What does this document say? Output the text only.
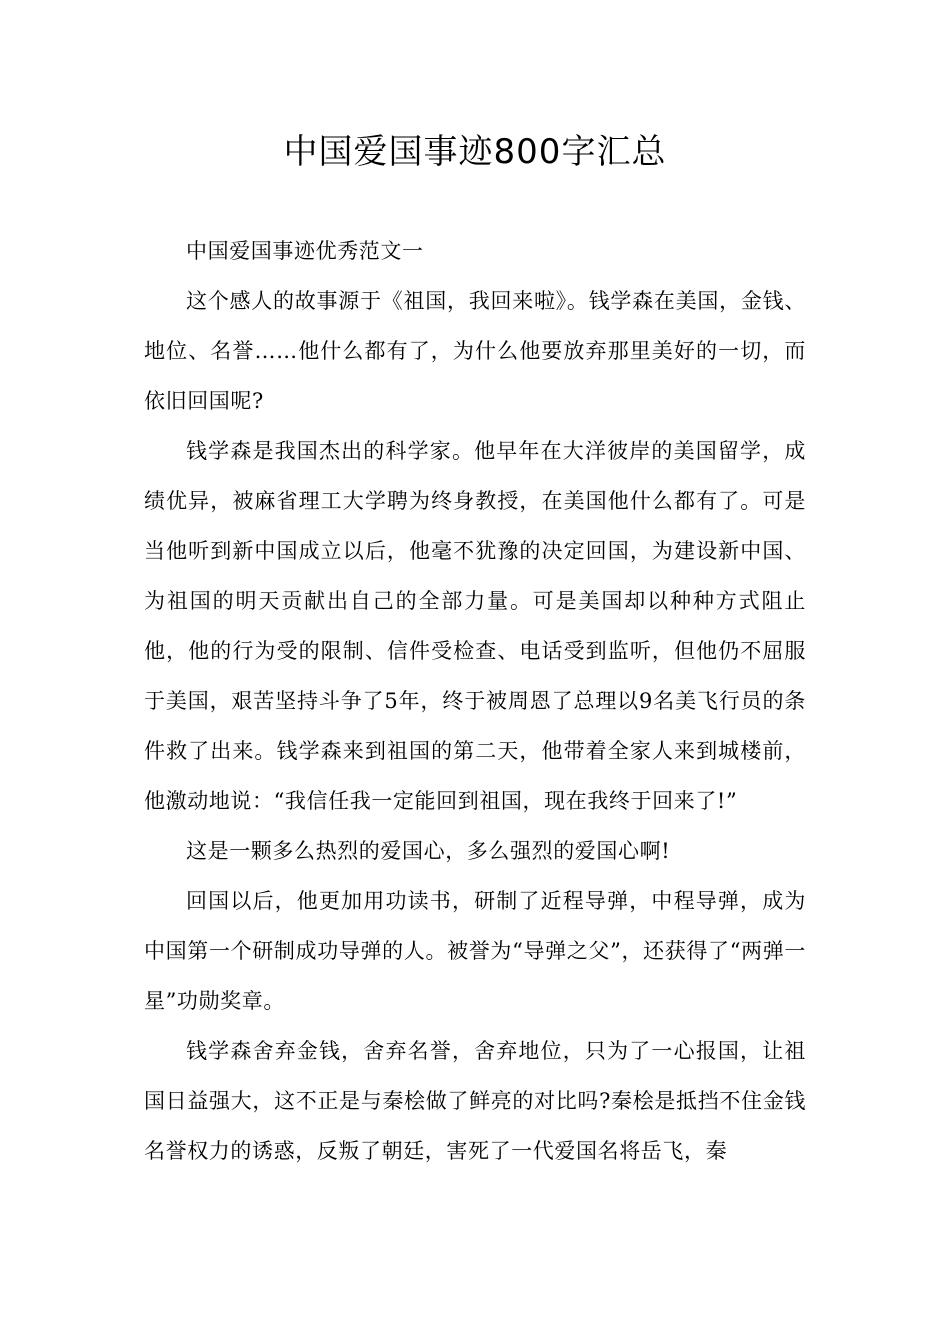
中国爱国事迹800字汇总

中国爱国事迹优秀范文一

这个感人的故事源于《祖国，我回来啦》。钱学森在美国，金钱、地位、名誉……他什么都有了，为什么他要放弃那里美好的一切，而依旧回国呢?

钱学森是我国杰出的科学家。他早年在大洋彼岸的美国留学，成绩优异，被麻省理工大学聘为终身教授，在美国他什么都有了。可是当他听到新中国成立以后，他毫不犹豫的决定回国，为建设新中国、为祖国的明天贡献出自己的全部力量。可是美国却以种种方式阻止他，他的行为受的限制、信件受检查、电话受到监听，但他仍不屈服于美国，艰苦坚持斗争了5年，终于被周恩了总理以9名美飞行员的条件救了出来。钱学森来到祖国的第二天，他带着全家人来到城楼前，他激动地说：“我信任我一定能回到祖国，现在我终于回来了!”

这是一颗多么热烈的爱国心，多么强烈的爱国心啊!

回国以后，他更加用功读书，研制了近程导弹，中程导弹，成为中国第一个研制成功导弹的人。被誉为“导弹之父”，还获得了“两弹一星”功勋奖章。

钱学森舍弃金钱，舍弃名誉，舍弃地位，只为了一心报国，让祖国日益强大，这不正是与秦桧做了鲜亮的对比吗?秦桧是抵挡不住金钱名誉权力的诱惑，反叛了朝廷，害死了一代爱国名将岳飞，秦
